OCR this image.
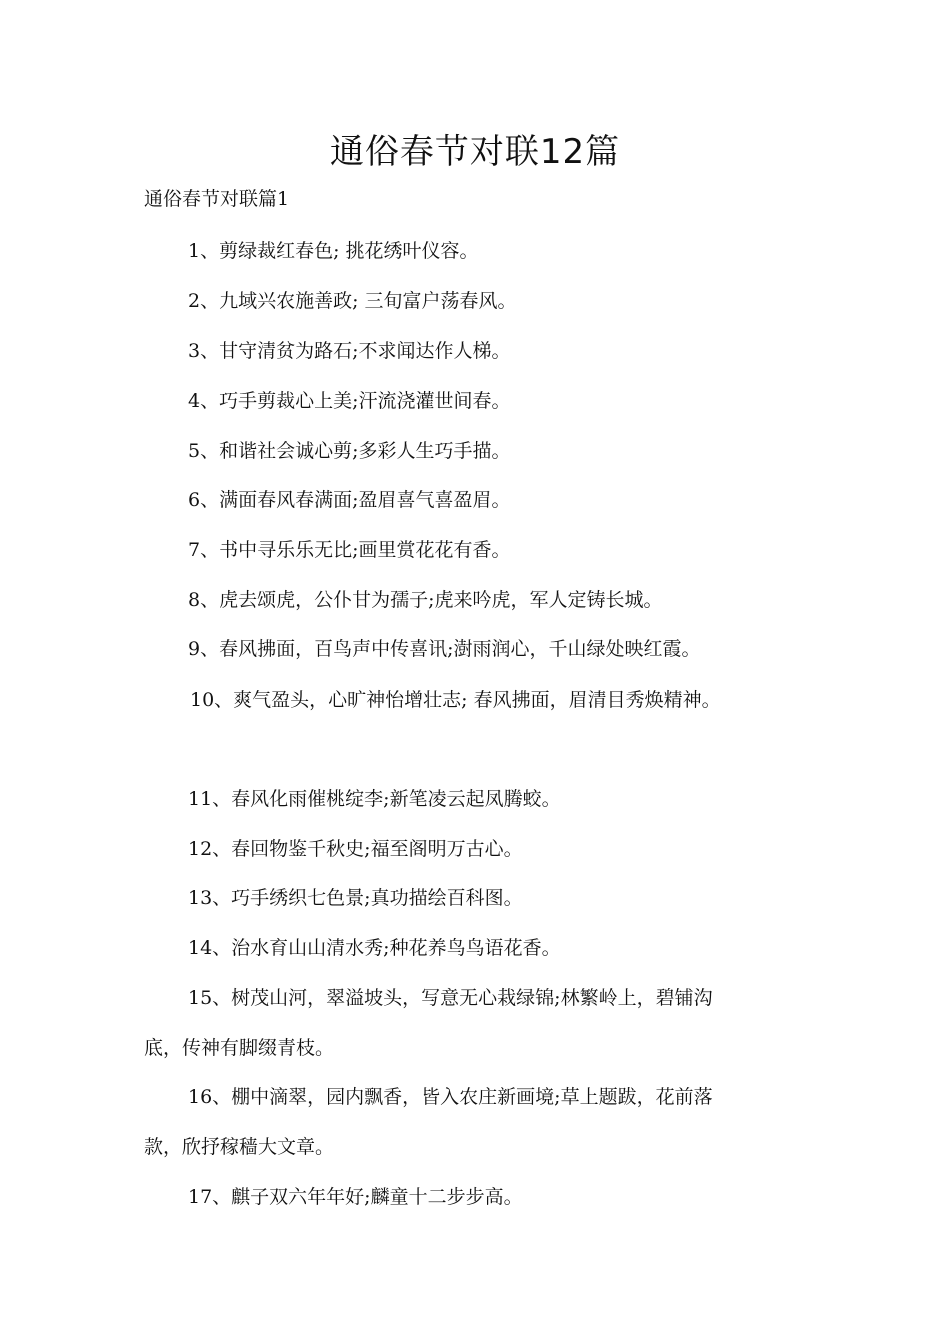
通俗春节对联12篇

通俗春节对联篇1

1、剪绿裁红春色; 挑花绣叶仪容。

2、九域兴农施善政; 三旬富户荡春风。

3、甘守清贫为路石;不求闻达作人梯。

4、巧手剪裁心上美;汗流浇灌世间春。

5、和谐社会诚心剪;多彩人生巧手描。

6、满面春风春满面;盈眉喜气喜盈眉。

7、书中寻乐乐无比;画里赏花花有香。

8、虎去颂虎，公仆甘为孺子;虎来吟虎，军人定铸长城。

9、春风拂面，百鸟声中传喜讯;澍雨润心，千山绿处映红霞。

10、爽气盈头，心旷神怡增壮志; 春风拂面，眉清目秀焕精神。

11、春风化雨催桃绽李;新笔凌云起凤腾蛟。

12、春回物鉴千秋史;福至阁明万古心。

13、巧手绣织七色景;真功描绘百科图。

14、治水育山山清水秀;种花养鸟鸟语花香。

15、树茂山河，翠溢坡头，写意无心栽绿锦;林繁岭上，碧铺沟

底，传神有脚缀青枝。

16、棚中滴翠，园内飘香，皆入农庄新画境;草上题跋，花前落

款，欣抒稼穑大文章。

17、麒子双六年年好;麟童十二步步高。
